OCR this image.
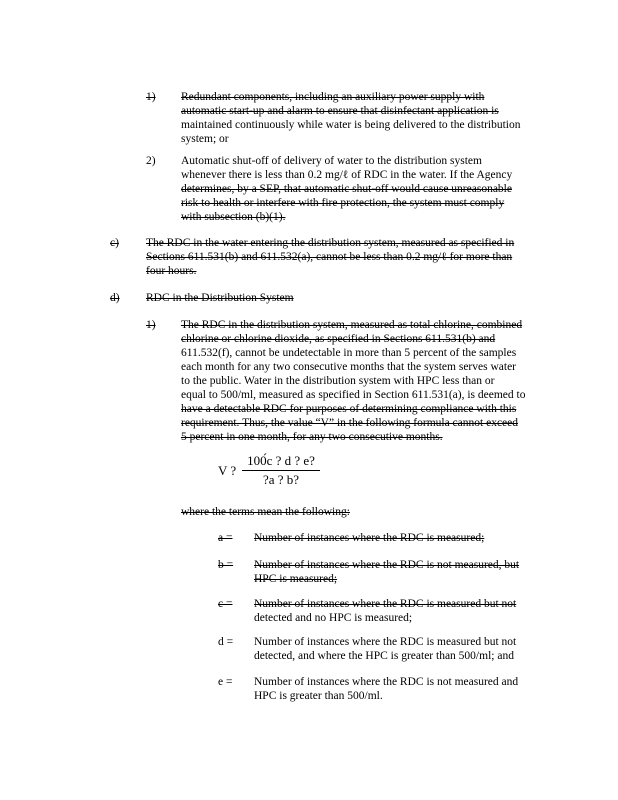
1) Redundant components, including an auxiliary power supply with
automatic start-up and alarm to ensure that disinfectant application is
maintained continuously while water is being delivered to the distribution
system; or
2) Automatic shut-off of delivery of water to the distribution system
whenever there is less than 0.2 mg/ℓ of RDC in the water. If the Agency
determines, by a SEP, that automatic shut-off would cause unreasonable
risk to health or interfere with fire protection, the system must comply
with subsection (b)(1).
c) The RDC in the water entering the distribution system, measured as specified in
Sections 611.531(b) and 611.532(a), cannot be less than 0.2 mg/ℓ for more than
four hours.
d) RDC in the Distribution System
1) The RDC in the distribution system, measured as total chlorine, combined
chlorine or chlorine dioxide, as specified in Sections 611.531(b) and
611.532(f), cannot be undetectable in more than 5 percent of the samples
each month for any two consecutive months that the system serves water
to the public. Water in the distribution system with HPC less than or
equal to 500/ml, measured as specified in Section 611.531(a), is deemed to
have a detectable RDC for purposes of determining compliance with this
requirement. Thus, the value “V” in the following formula cannot exceed
5 percent in one month, for any two consecutive months.
V ? $\frac{100́c ? d ? e?}{?a ? b?}$
where the terms mean the following:
a = Number of instances where the RDC is measured;
b = Number of instances where the RDC is not measured, but
HPC is measured;
c = Number of instances where the RDC is measured but not
detected and no HPC is measured;
d = Number of instances where the RDC is measured but not
detected, and where the HPC is greater than 500/ml; and
e = Number of instances where the RDC is not measured and
HPC is greater than 500/ml.
